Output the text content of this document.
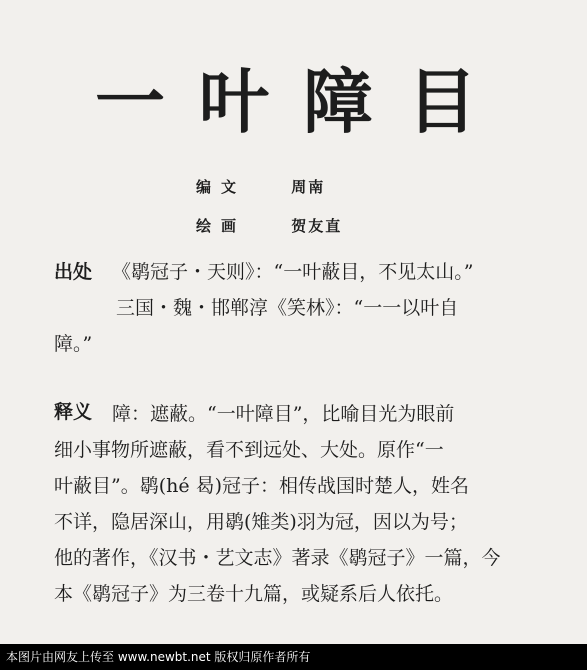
一叶障目
编文	周南
绘画	贺友直
出处 《鹖冠子・天则》：“一叶蔽目，不见太山。”
三国・魏・邯郸淳《笑林》：“一一以叶自
障。”
释义	障：遮蔽。“一叶障目”，比喻目光为眼前
细小事物所遮蔽，看不到远处、大处。原作“一
叶蔽目”。鹖(hé 曷)冠子：相传战国时楚人，姓名
不详，隐居深山，用鹖(雉类)羽为冠，因以为号；
他的著作，《汉书・艺文志》著录《鹖冠子》一篇，今
本《鹖冠子》为三卷十九篇，或疑系后人依托。
本图片由网友上传至 www.newbt.net 版权归原作者所有
